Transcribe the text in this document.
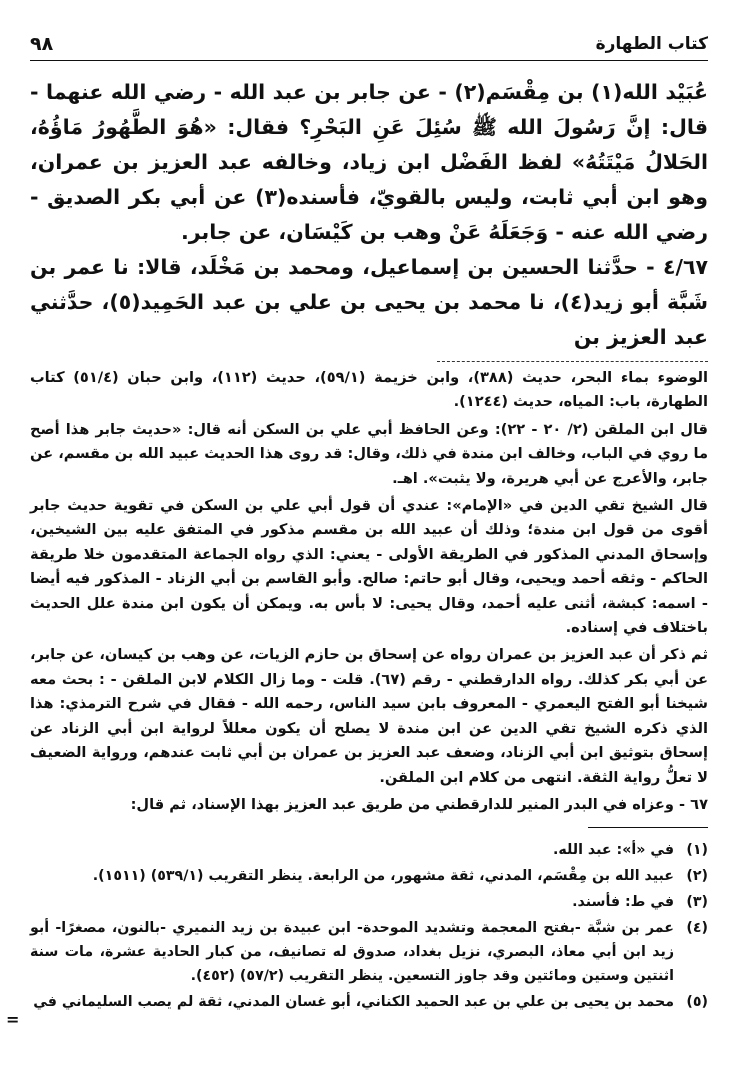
كتاب الطهارة
٩٨

عُبَيْد الله(١) بن مِقْسَم(٢) - عن جابر بن عبد الله - رضي الله عنهما - قال: إنَّ رَسُولَ الله ﷺ سُئِلَ عَنِ البَحْرِ؟ فقال: «هُوَ الطَّهُورُ مَاؤُهُ، الحَلالُ مَيْتَتُهُ» لفظ الفَضْل ابن زياد، وخالفه عبد العزيز بن عمران، وهو ابن أبي ثابت، وليس بالقويّ، فأسنده(٣) عن أبي بكر الصديق - رضي الله عنه - وَجَعَلَهُ عَنْ وهب بن كَيْسَان، عن جابر.

٤/٦٧ - حدَّثنا الحسين بن إسماعيل، ومحمد بن مَخْلَد، قالا: نا عمر بن شَبَّة أبو زيد(٤)، نا محمد بن يحيى بن علي بن عبد الحَمِيد(٥)، حدَّثني عبد العزيز بن

الوضوء بماء البحر، حديث (٣٨٨)، وابن خزيمة (٥٩/١)، حديث (١١٢)، وابن حبان (٥١/٤) كتاب الطهارة، باب: المياه، حديث (١٢٤٤).

قال ابن الملقن (٢/ ٢٠ - ٢٢): وعن الحافظ أبي علي بن السكن أنه قال: «حديث جابر هذا أصح ما روي في الباب، وخالف ابن مندة في ذلك، وقال: قد روى هذا الحديث عبيد الله بن مقسم، عن جابر، والأعرج عن أبي هريرة، ولا يثبت». اهـ.

قال الشيخ تقي الدين في «الإمام»: عندي أن قول أبي علي بن السكن في تقوية حديث جابر أقوى من قول ابن مندة؛ وذلك أن عبيد الله بن مقسم مذكور في المتفق عليه بين الشيخين، وإسحاق المدني المذكور في الطريقة الأولى - يعني: الذي رواه الجماعة المتقدمون خلا طريقة الحاكم - وثقه أحمد ويحيى، وقال أبو حاتم: صالح. وأبو القاسم بن أبي الزناد - المذكور فيه أيضا - اسمه: كبشة، أثنى عليه أحمد، وقال يحيى: لا بأس به. ويمكن أن يكون ابن مندة علل الحديث باختلاف في إسناده.

ثم ذكر أن عبد العزيز بن عمران رواه عن إسحاق بن حازم الزيات، عن وهب بن كيسان، عن جابر، عن أبي بكر كذلك. رواه الدارقطني - رقم (٦٧). قلت - وما زال الكلام لابن الملقن - : بحث معه شيخنا أبو الفتح اليعمري - المعروف بابن سيد الناس، رحمه الله - فقال في شرح الترمذي: هذا الذي ذكره الشيخ تقي الدين عن ابن مندة لا يصلح أن يكون معللاً لرواية ابن أبي الزناد عن إسحاق بتوثيق ابن أبي الزناد، وضعف عبد العزيز بن عمران بن أبي ثابت عندهم، ورواية الضعيف لا تعلُّ رواية الثقة. انتهى من كلام ابن الملقن.

٦٧ - وعزاه في البدر المنير للدارقطني من طريق عبد العزيز بهذا الإسناد، ثم قال:

(١)
في «أ»: عبد الله.
(٢)
عبيد الله بن مِقْسَم، المدني، ثقة مشهور، من الرابعة. ينظر التقريب (٥٣٩/١) (١٥١١).
(٣)
في ط: فأسند.
(٤)
عمر بن شبَّة -بفتح المعجمة وتشديد الموحدة- ابن عبيدة بن زيد النميري -بالنون، مصغرًا- أبو زيد ابن أبي معاذ، البصري، نزيل بغداد، صدوق له تصانيف، من كبار الحادية عشرة، مات سنة اثنتين وستين ومائتين وقد جاوز التسعين. ينظر التقريب (٥٧/٢) (٤٥٢).
(٥)
محمد بن يحيى بن علي بن عبد الحميد الكناني، أبو غسان المدني، ثقة لم يصب السليماني في
=
